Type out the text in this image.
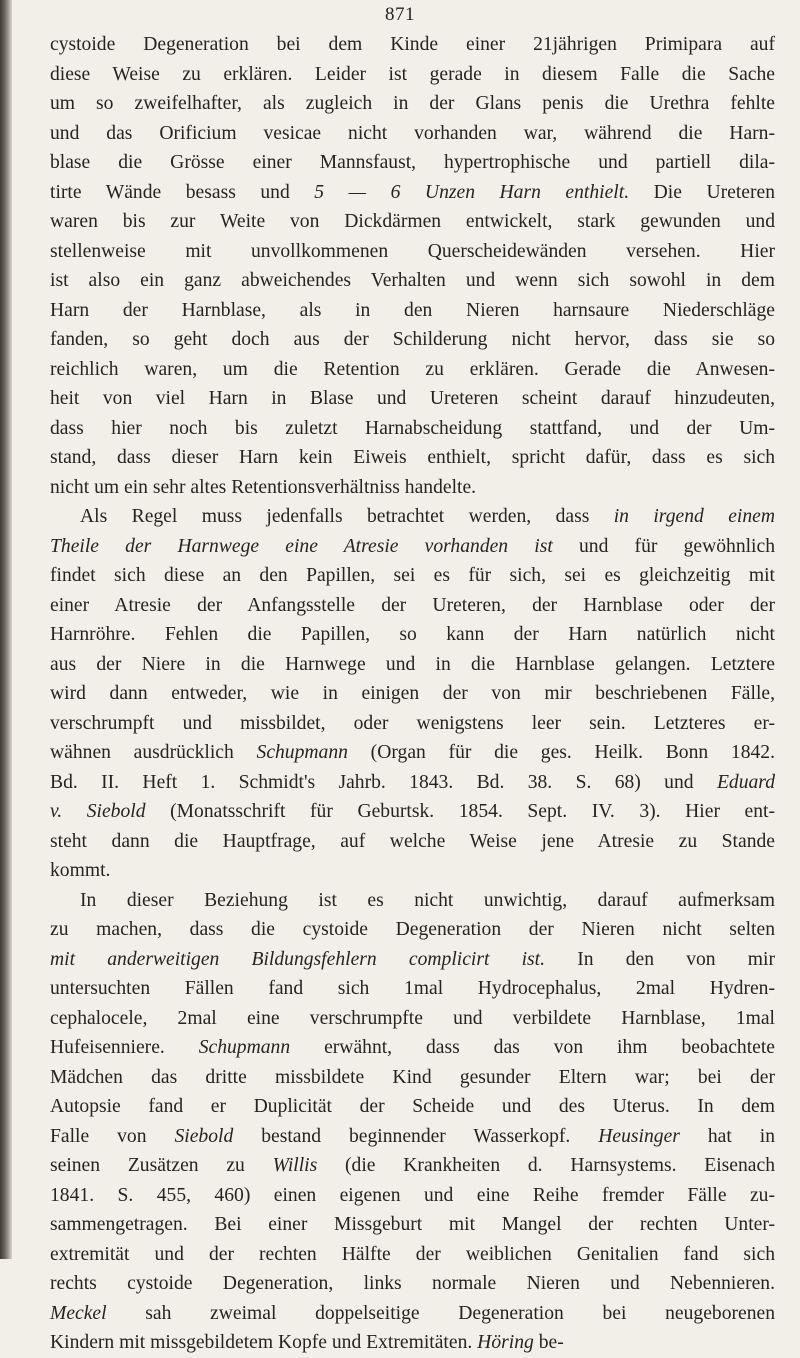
871
cystoide Degeneration bei dem Kinde einer 21jährigen Primipara auf
diese Weise zu erklären. Leider ist gerade in diesem Falle die Sache
um so zweifelhafter, als zugleich in der Glans penis die Urethra fehlte
und das Orificium vesicae nicht vorhanden war, während die Harn-
blase die Grösse einer Mannsfaust, hypertrophische und partiell dila-
tirte Wände besass und 5 — 6 Unzen Harn enthielt. Die Ureteren
waren bis zur Weite von Dickdärmen entwickelt, stark gewunden und
stellenweise mit unvollkommenen Querscheidewänden versehen. Hier
ist also ein ganz abweichendes Verhalten und wenn sich sowohl in dem
Harn der Harnblase, als in den Nieren harnsaure Niederschläge
fanden, so geht doch aus der Schilderung nicht hervor, dass sie so
reichlich waren, um die Retention zu erklären. Gerade die Anwesen-
heit von viel Harn in Blase und Ureteren scheint darauf hinzudeuten,
dass hier noch bis zuletzt Harnabscheidung stattfand, und der Um-
stand, dass dieser Harn kein Eiweis enthielt, spricht dafür, dass es sich
nicht um ein sehr altes Retentionsverhältniss handelte.
Als Regel muss jedenfalls betrachtet werden, dass in irgend einem
Theile der Harnwege eine Atresie vorhanden ist und für gewöhnlich
findet sich diese an den Papillen, sei es für sich, sei es gleichzeitig mit
einer Atresie der Anfangsstelle der Ureteren, der Harnblase oder der
Harnröhre. Fehlen die Papillen, so kann der Harn natürlich nicht
aus der Niere in die Harnwege und in die Harnblase gelangen. Letztere
wird dann entweder, wie in einigen der von mir beschriebenen Fälle,
verschrumpft und missbildet, oder wenigstens leer sein. Letzteres er-
wähnen ausdrücklich Schupmann (Organ für die ges. Heilk. Bonn 1842.
Bd. II. Heft 1. Schmidt's Jahrb. 1843. Bd. 38. S. 68) und Eduard
v. Siebold (Monatsschrift für Geburtsk. 1854. Sept. IV. 3). Hier ent-
steht dann die Hauptfrage, auf welche Weise jene Atresie zu Stande
kommt.
In dieser Beziehung ist es nicht unwichtig, darauf aufmerksam
zu machen, dass die cystoide Degeneration der Nieren nicht selten
mit anderweitigen Bildungsfehlern complicirt ist. In den von mir
untersuchten Fällen fand sich 1mal Hydrocephalus, 2mal Hydren-
cephalocele, 2mal eine verschrumpfte und verbildete Harnblase, 1mal
Hufeisenniere. Schupmann erwähnt, dass das von ihm beobachtete
Mädchen das dritte missbildete Kind gesunder Eltern war; bei der
Autopsie fand er Duplicität der Scheide und des Uterus. In dem
Falle von Siebold bestand beginnender Wasserkopf. Heusinger hat in
seinen Zusätzen zu Willis (die Krankheiten d. Harnsystems. Eisenach
1841. S. 455, 460) einen eigenen und eine Reihe fremder Fälle zu-
sammengetragen. Bei einer Missgeburt mit Mangel der rechten Unter-
extremität und der rechten Hälfte der weiblichen Genitalien fand sich
rechts cystoide Degeneration, links normale Nieren und Nebennieren.
Meckel sah zweimal doppelseitige Degeneration bei neugeborenen
Kindern mit missgebildetem Kopfe und Extremitäten. Höring be-
